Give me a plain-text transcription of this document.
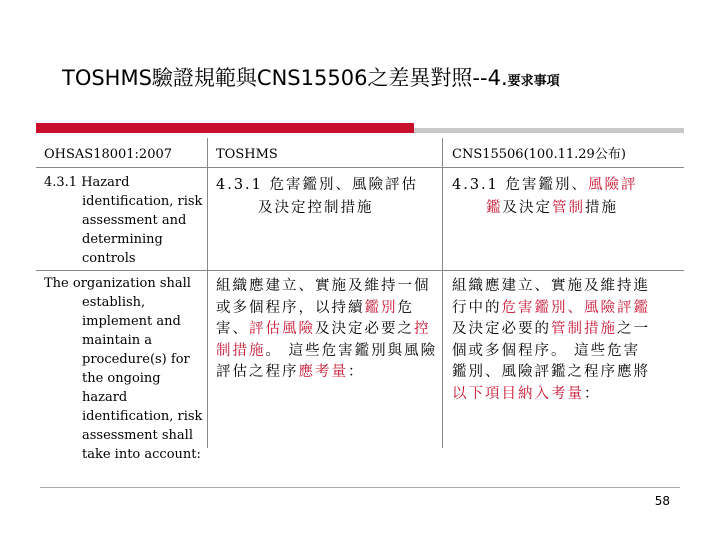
TOSHMS驗證規範與CNS15506之差異對照--4.要求事項
OHSAS18001:2007	TOSHMS	CNS15506(100.11.29公布)
4.3.1 Hazard
identification, risk assessment and determining controls
4.3.1 危害鑑別、風險評估
及決定控制措施
4.3.1 危害鑑別、風險評
鑑及決定管制措施
The organization shall
establish, implement and maintain a procedure(s) for the ongoing hazard identification, risk assessment shall take into account:
組織應建立、實施及維持一個或多個程序，以持續鑑別危害、評估風險及決定必要之控制措施。 這些危害鑑別與風險評估之程序應考量：
組織應建立、實施及維持進行中的危害鑑別、風險評鑑及決定必要的管制措施之一個或多個程序。 這些危害鑑別、風險評鑑之程序應將以下項目納入考量：
58
